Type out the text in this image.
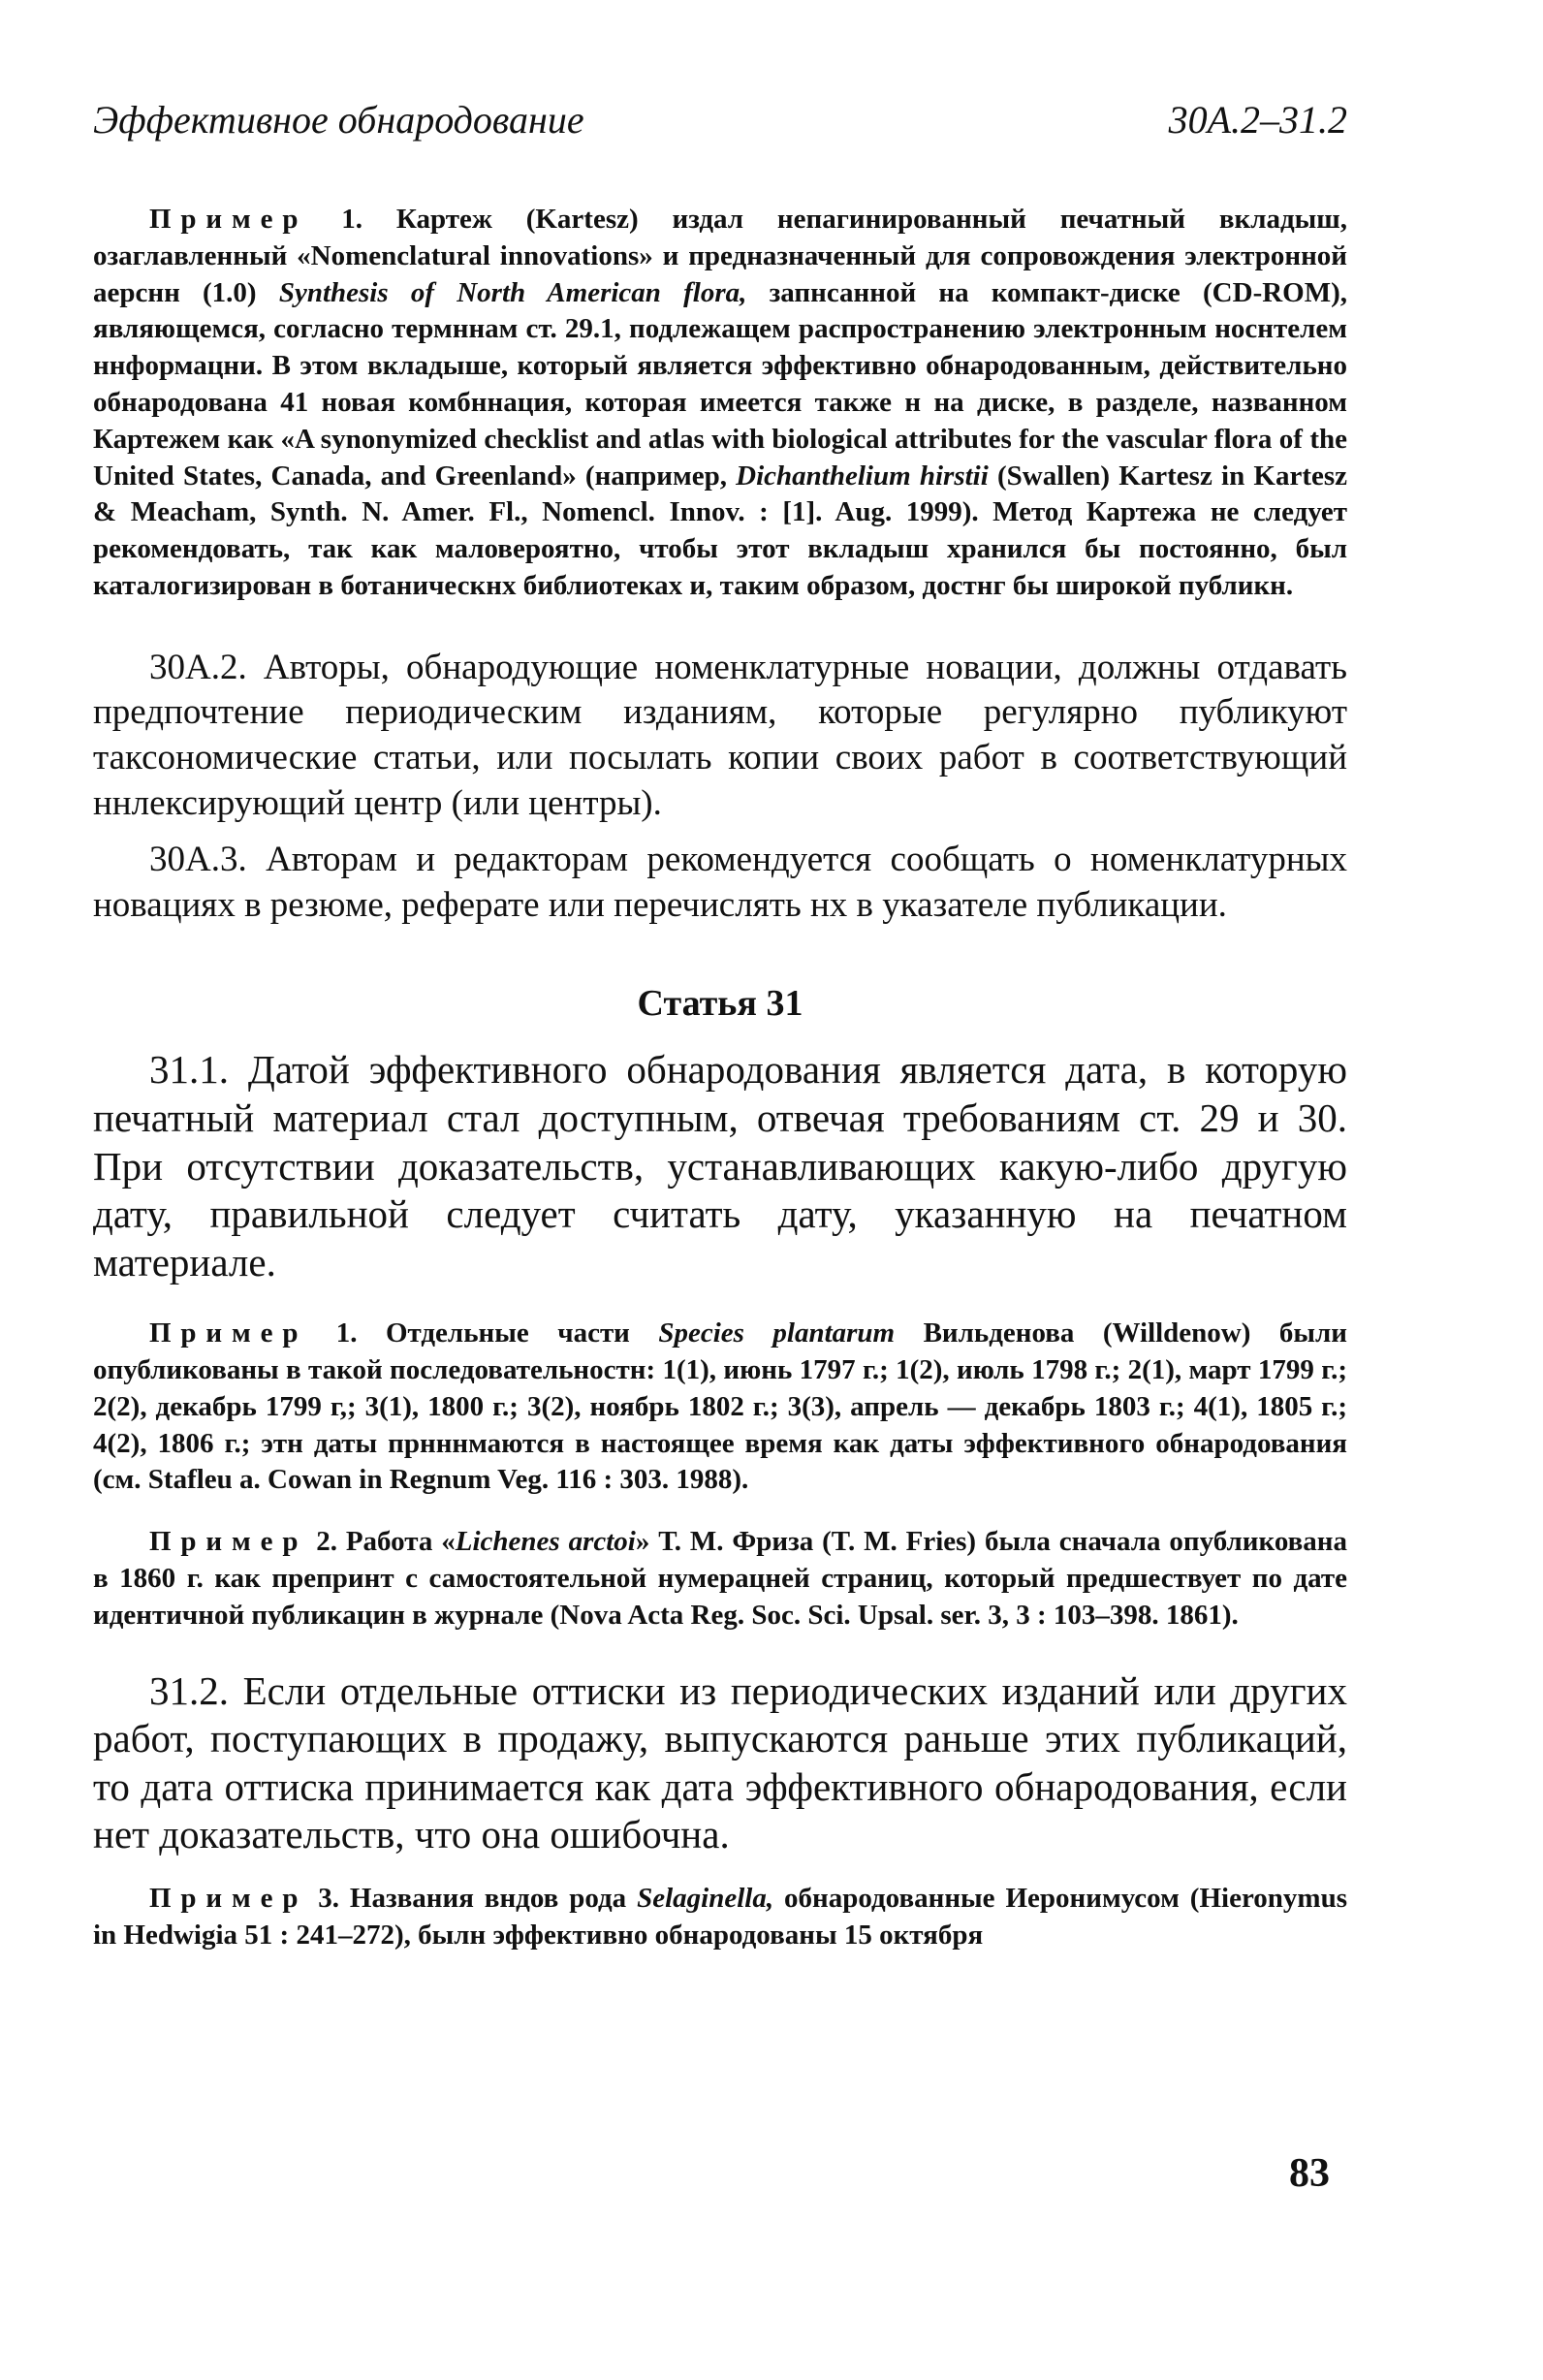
Эффективное обнародование	30A.2–31.2

Пример 1. Картеж (Kartesz) издал непагинированный печатный вкладыш, озаглавленный «Nomenclatural innovations» и предназначенный для сопровождения электронной аерснн (1.0) Synthesis of North American flora, запнсанной на компакт-диске (CD-ROM), являющемся, согласно термннам ст. 29.1, подлежащем распространению электронным носнтелем ннформацни. В этом вкладыше, который является эффективно обнародованным, действительно обнародована 41 новая комбннация, которая имеется также н на диске, в разделе, названном Картежем как «A synonymized checklist and atlas with biological attributes for the vascular flora of the United States, Canada, and Greenland» (например, Dichanthelium hirstii (Swallen) Kartesz in Kartesz & Meacham, Synth. N. Amer. Fl., Nomencl. Innov. : [1]. Aug. 1999). Метод Картежа не следует рекомендовать, так как маловероятно, чтобы этот вкладыш хранился бы постоянно, был каталогизирован в ботаническнх библиотеках и, таким образом, достнг бы широкой публикн.

30A.2. Авторы, обнародующие номенклатурные новации, должны отдавать предпочтение периодическим изданиям, которые регулярно публикуют таксономические статьи, или посылать копии своих работ в соответствующий ннлексирующий центр (или центры).

30A.3. Авторам и редакторам рекомендуется сообщать о номенклатурных новациях в резюме, реферате или перечислять нх в указателе публикации.

Статья 31

31.1. Датой эффективного обнародования является дата, в которую печатный материал стал доступным, отвечая требованиям ст. 29 и 30. При отсутствии доказательств, устанавливающих какую-либо другую дату, правильной следует считать дату, указанную на печатном материале.

Пример 1. Отдельные части Species plantarum Вильденова (Willdenow) были опубликованы в такой последовательностн: 1(1), июнь 1797 г.; 1(2), июль 1798 г.; 2(1), март 1799 г.; 2(2), декабрь 1799 г,; 3(1), 1800 г.; 3(2), ноябрь 1802 г.; 3(3), апрель — декабрь 1803 г.; 4(1), 1805 г.; 4(2), 1806 г.; этн даты прнннмаются в настоящее время как даты эффективного обнародования (см. Stafleu a. Cowan in Regnum Veg. 116 : 303. 1988).

Пример 2. Работа «Lichenes arctoi» Т. М. Фриза (T. M. Fries) была сначала опубликована в 1860 г. как препринт с самостоятельной нумерацней страниц, который предшествует по дате идентичной публикацин в журнале (Nova Acta Reg. Soc. Sci. Upsal. ser. 3, 3 : 103–398. 1861).

31.2. Если отдельные оттиски из периодических изданий или других работ, поступающих в продажу, выпускаются раньше этих публикаций, то дата оттиска принимается как дата эффективного обнародования, если нет доказательств, что она ошибочна.

Пример 3. Названия вндов рода Selaginella, обнародованные Иеронимусом (Hieronymus in Hedwigia 51 : 241–272), былн эффективно обнародованы 15 октября

83
